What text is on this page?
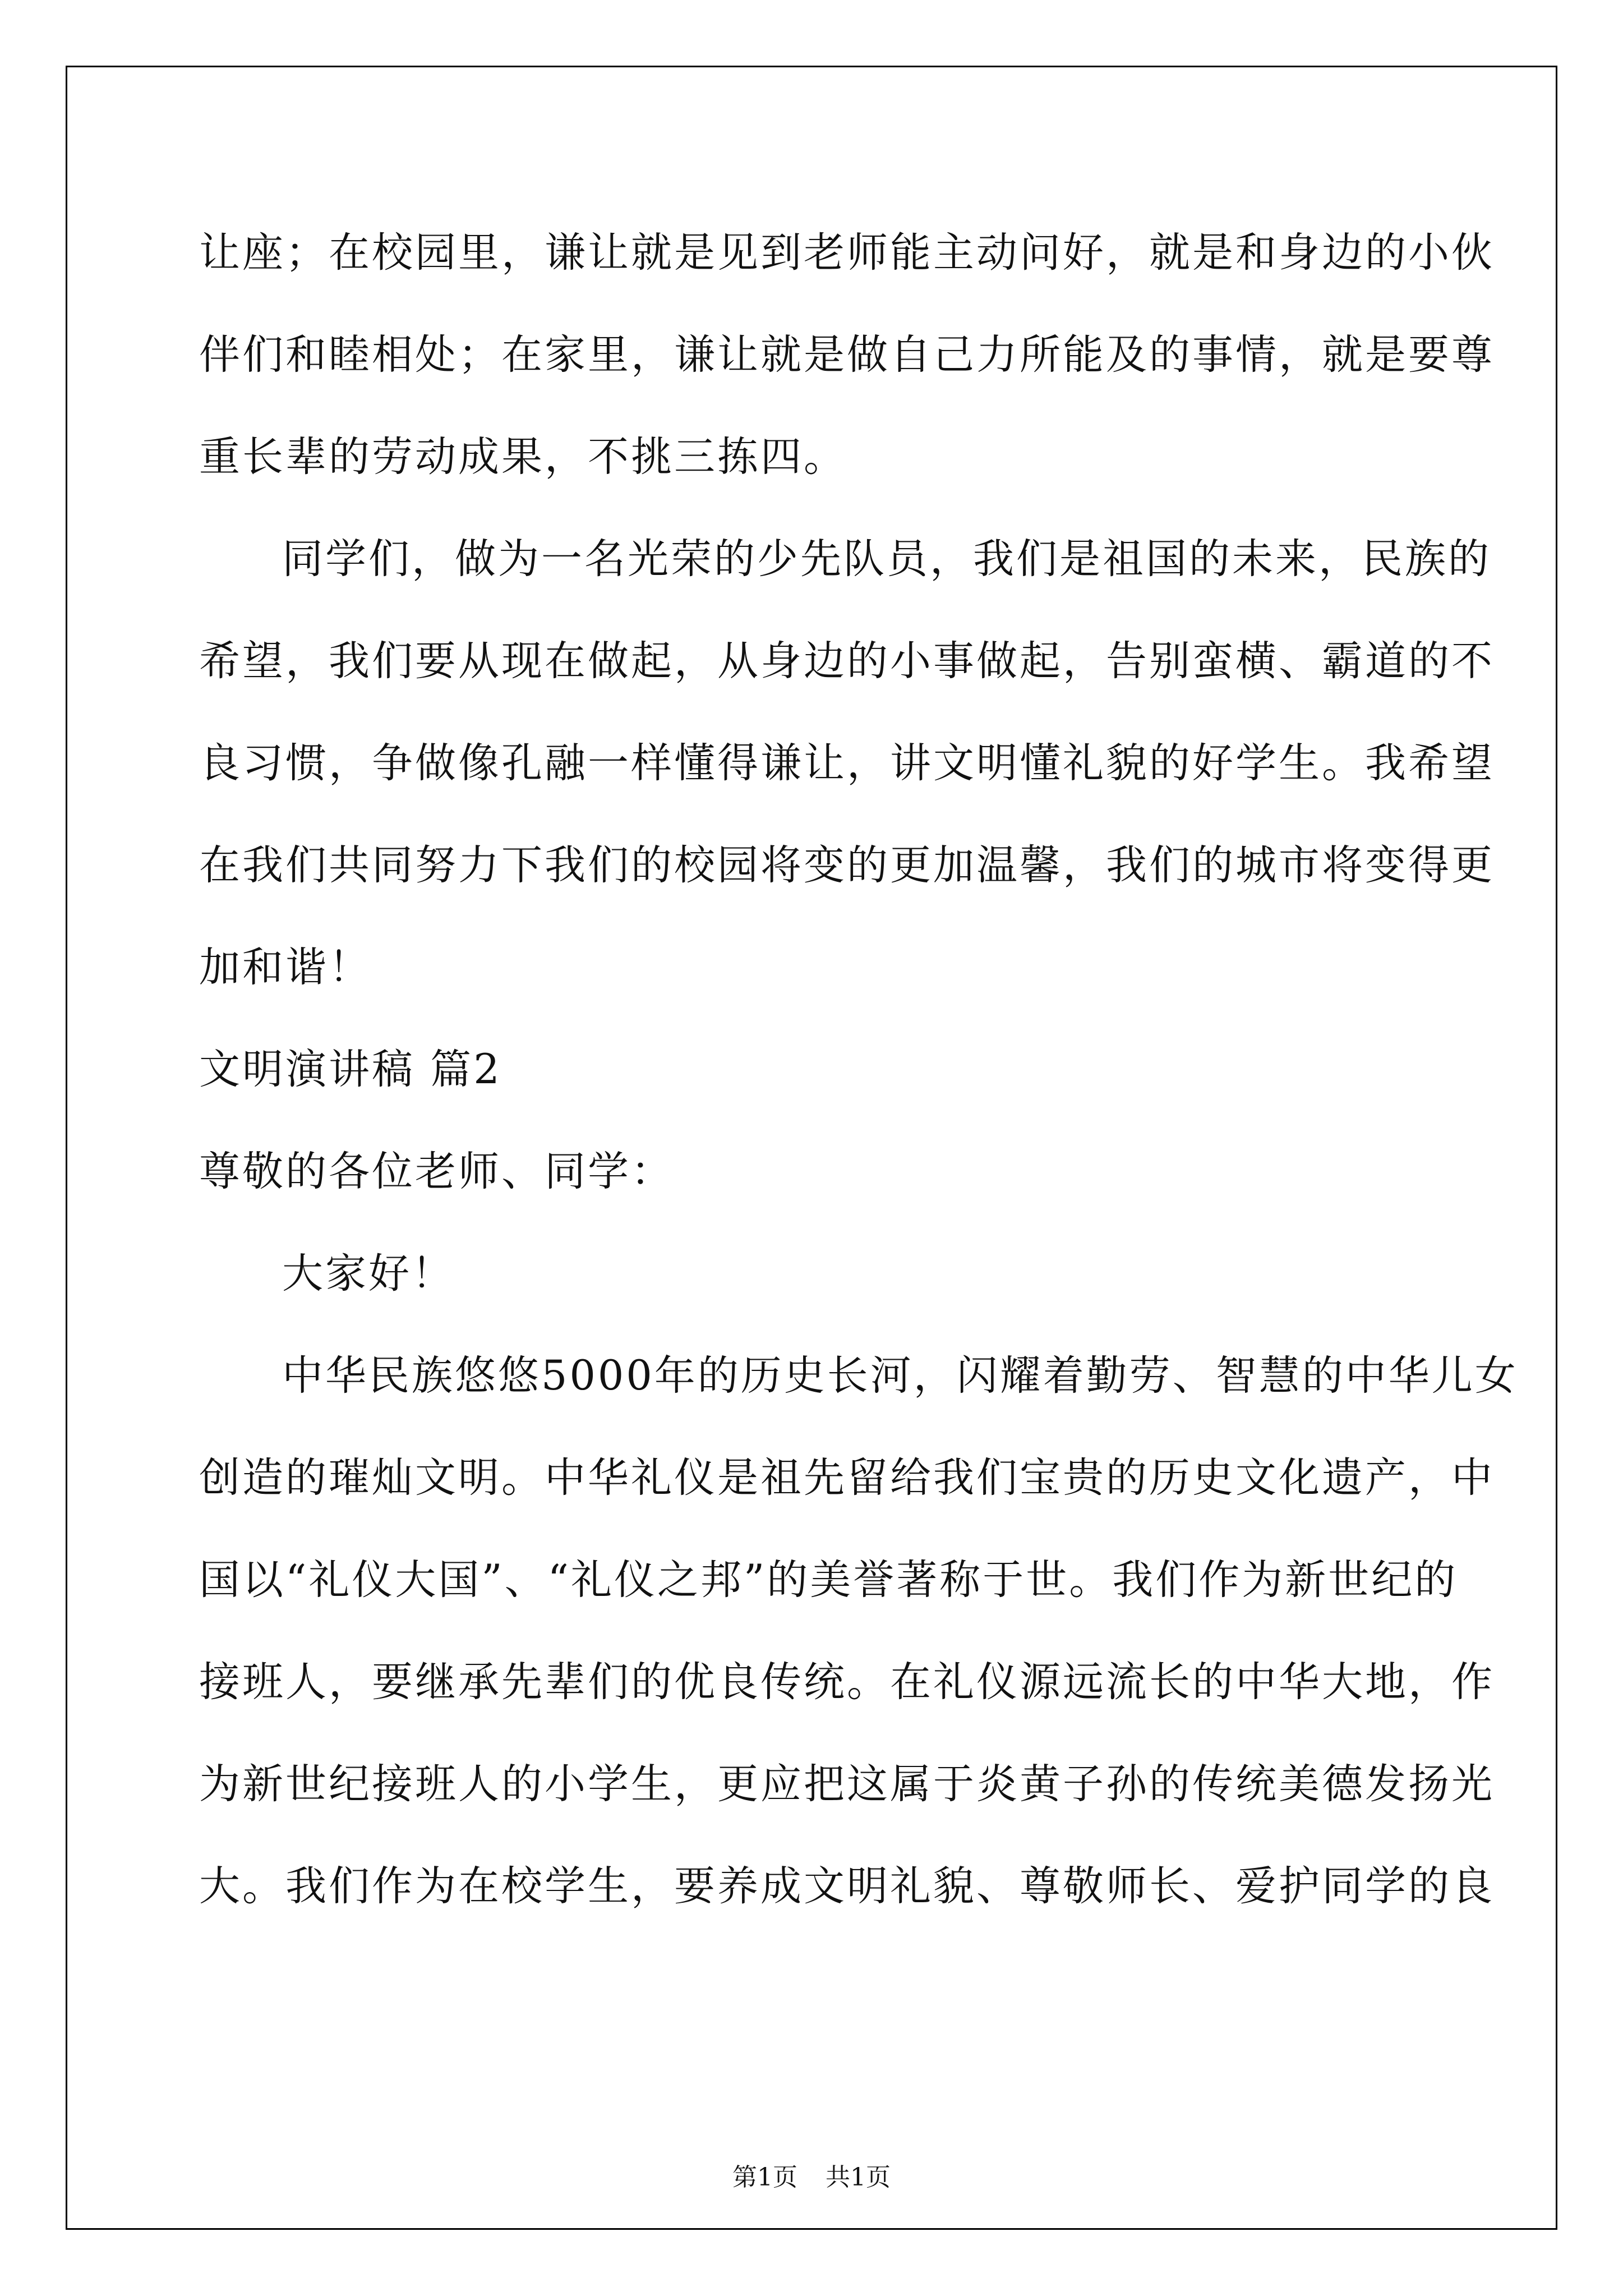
让座；在校园里，谦让就是见到老师能主动问好，就是和身边的小伙
伴们和睦相处；在家里，谦让就是做自己力所能及的事情，就是要尊
重长辈的劳动成果，不挑三拣四。
同学们，做为一名光荣的少先队员，我们是祖国的未来，民族的
希望，我们要从现在做起，从身边的小事做起，告别蛮横、霸道的不
良习惯，争做像孔融一样懂得谦让，讲文明懂礼貌的好学生。我希望
在我们共同努力下我们的校园将变的更加温馨，我们的城市将变得更
加和谐！
文明演讲稿 篇2
尊敬的各位老师、同学：
大家好！
中华民族悠悠5000年的历史长河，闪耀着勤劳、智慧的中华儿女
创造的璀灿文明。中华礼仪是祖先留给我们宝贵的历史文化遗产，中
国以“礼仪大国”、“礼仪之邦”的美誉著称于世。我们作为新世纪的
接班人，要继承先辈们的优良传统。在礼仪源远流长的中华大地，作
为新世纪接班人的小学生，更应把这属于炎黄子孙的传统美德发扬光
大。我们作为在校学生，要养成文明礼貌、尊敬师长、爱护同学的良
第1页 共1页
